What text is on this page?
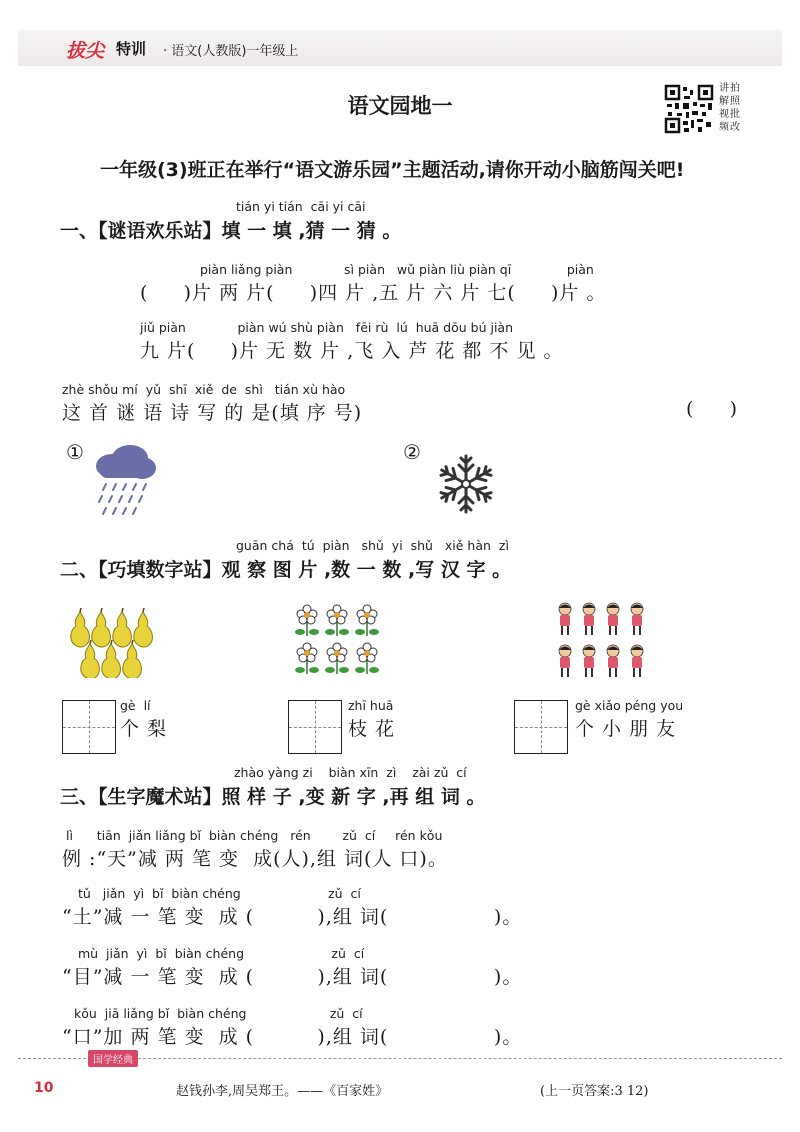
拔尖 特训 · 语文(人教版)一年级上
语文园地一
讲拍
解照
视批
频改
一年级(3)班正在举行“语文游乐园”主题活动,请你开动小脑筋闯关吧!
tián yi tián  cāi yi cāi
一、【谜语欢乐站】填 一 填 ,猜 一 猜 。
piàn liǎng piàn             sì piàn   wǔ piàn liù piàn qī              piàn
(     )片 两 片(     )四 片 ,五 片 六 片 七(     )片 。
jiǔ piàn             piàn wú shù piàn   fēi rù  lú  huā dōu bú jiàn
九 片(     )片 无 数 片 ,飞 入 芦 花 都 不 见 。
zhè shǒu mí  yǔ  shī  xiě  de  shì   tián xù hào
这 首 谜 语 诗 写 的 是(填 序 号)	(     )
①	②
guān chá  tú  piàn   shǔ  yi  shǔ   xiě hàn  zì
二、【巧填数字站】观 察 图 片 ,数 一 数 ,写 汉 字 。
gè  lí
个 梨
zhī huā
枝 花
gè xiǎo péng you
个 小 朋 友
zhào yàng zi    biàn xīn  zì    zài zǔ  cí
三、【生字魔术站】照 样 子 ,变 新 字 ,再 组 词 。
lì      tiān  jiǎn liǎng bǐ  biàn chéng   rén        zǔ  cí     rén kǒu
例 :“天”减 两 笔 变  成(人),组 词(人 口)。
tǔ   jiǎn  yì  bǐ  biàn chéng                      zǔ  cí
“土”减 一 笔 变  成 (         ),组 词(               )。
mù  jiǎn  yì  bǐ  biàn chéng                      zǔ  cí
“目”减 一 笔 变  成 (         ),组 词(               )。
kǒu  jiā liǎng bǐ  biàn chéng                     zǔ  cí
“口”加 两 笔 变  成 (         ),组 词(               )。
国学经典
10	赵钱孙李,周吴郑王。——《百家姓》	(上一页答案:3 12)
